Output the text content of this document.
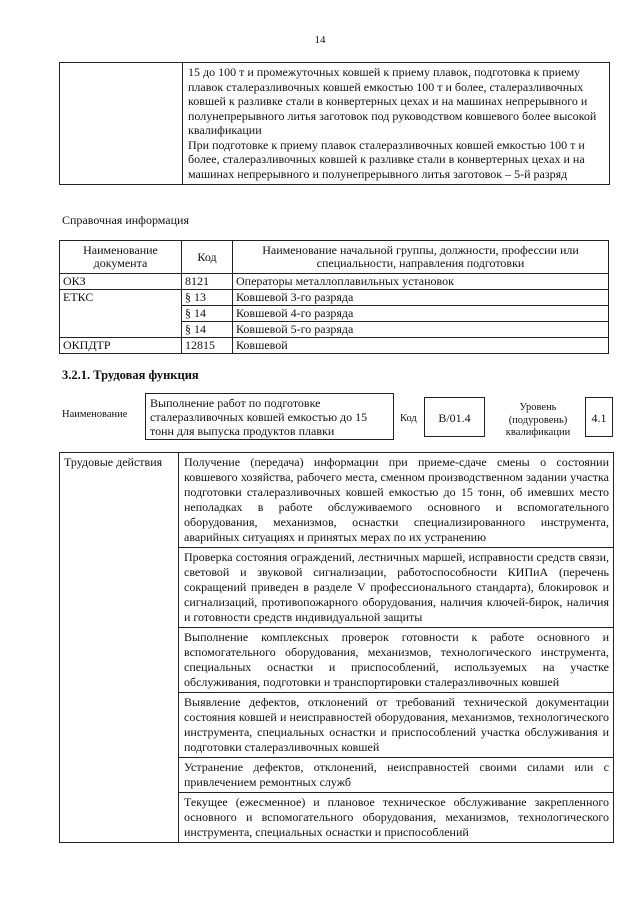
14

15 до 100 т и промежуточных ковшей к приему плавок, подготовка к приему плавок сталеразливочных ковшей емкостью 100 т и более, сталеразливочных ковшей к разливке стали в конвертерных цехах и на машинах непрерывного и полунепрерывного литья заготовок под руководством ковшевого более высокой квалификации
При подготовке к приему плавок сталеразливочных ковшей емкостью 100 т и более, сталеразливочных ковшей к разливке стали в конвертерных цехах и на машинах непрерывного и полунепрерывного литья заготовок – 5-й разряд
Справочная информация
Наименование документа	Код	Наименование начальной группы, должности, профессии или специальности, направления подготовки
ОКЗ	8121	Операторы металлоплавильных установок
ЕТКС	§ 13	Ковшевой 3-го разряда
	§ 14	Ковшевой 4-го разряда
	§ 14	Ковшевой 5-го разряда
ОКПДТР	12815	Ковшевой
3.2.1. Трудовая функция
Наименование
Выполнение работ по подготовке сталеразливочных ковшей емкостью до 15 тонн для выпуска продуктов плавки
Код	В/01.4
Уровень
(подуровень)
квалификации
4.1
Трудовые действия	Получение (передача) информации при приеме-сдаче смены о состоянии ковшевого хозяйства, рабочего места, сменном производственном задании участка подготовки сталеразливочных ковшей емкостью до 15 тонн, об имевших место неполадках в работе обслуживаемого основного и вспомогательного оборудования, механизмов, оснастки специализированного инструмента, аварийных ситуациях и принятых мерах по их устранению
Проверка состояния ограждений, лестничных маршей, исправности средств связи, световой и звуковой сигнализации, работоспособности КИПиА (перечень сокращений приведен в разделе V профессионального стандарта), блокировок и сигнализаций, противопожарного оборудования, наличия ключей-бирок, наличия и готовности средств индивидуальной защиты
Выполнение комплексных проверок готовности к работе основного и вспомогательного оборудования, механизмов, технологического инструмента, специальных оснастки и приспособлений, используемых на участке обслуживания, подготовки и транспортировки сталеразливочных ковшей
Выявление дефектов, отклонений от требований технической документации состояния ковшей и неисправностей оборудования, механизмов, технологического инструмента, специальных оснастки и приспособлений участка обслуживания и подготовки сталеразливочных ковшей
Устранение дефектов, отклонений, неисправностей своими силами или с привлечением ремонтных служб
Текущее (ежесменное) и плановое техническое обслуживание закрепленного основного и вспомогательного оборудования, механизмов, технологического инструмента, специальных оснастки и приспособлений
